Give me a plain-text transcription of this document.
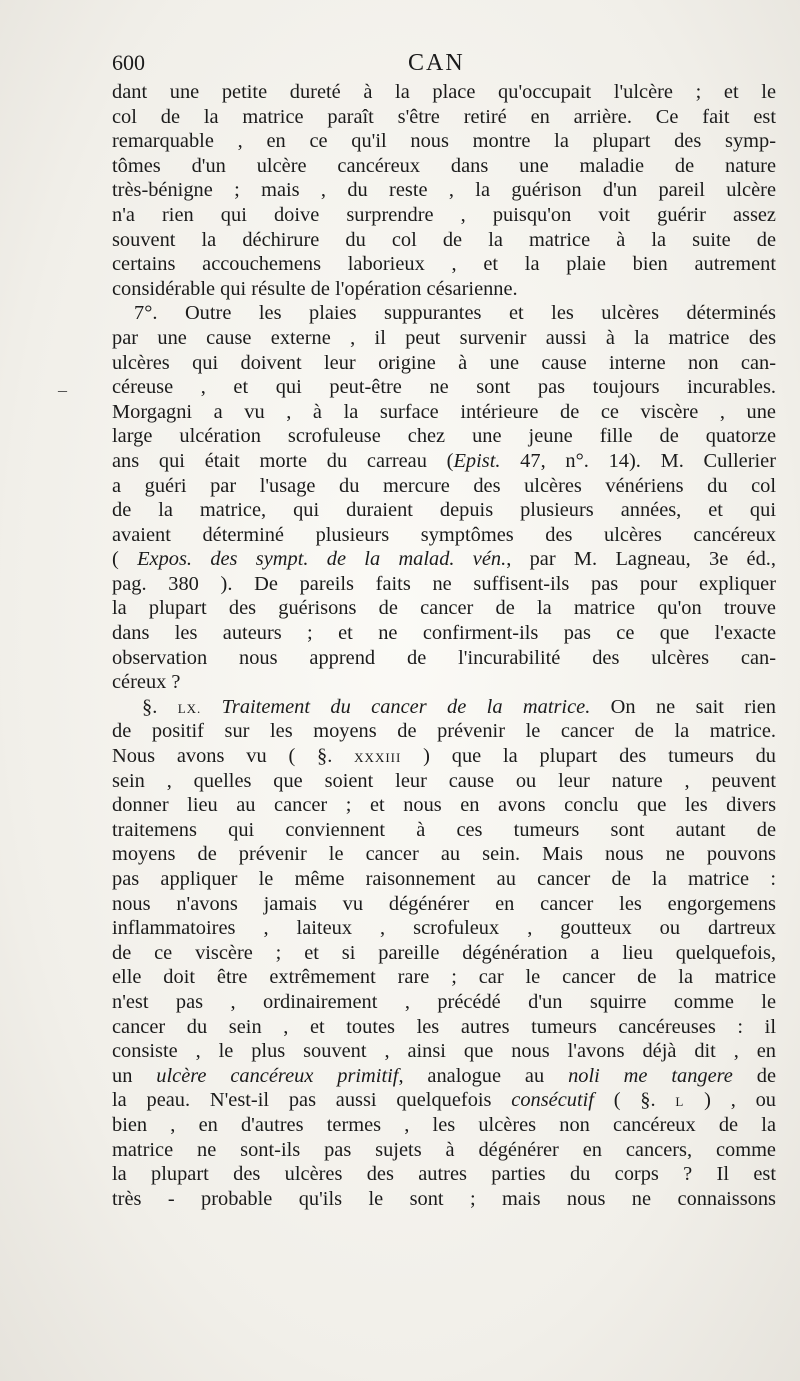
600	CAN
–
dant une petite dureté à la place qu'occupait l'ulcère ; et le
col de la matrice paraît s'être retiré en arrière. Ce fait est
remarquable , en ce qu'il nous montre la plupart des symp-
tômes d'un ulcère cancéreux dans une maladie de nature
très-bénigne ; mais , du reste , la guérison d'un pareil ulcère
n'a rien qui doive surprendre , puisqu'on voit guérir assez
souvent la déchirure du col de la matrice à la suite de
certains accouchemens laborieux , et la plaie bien autrement
considérable qui résulte de l'opération césarienne.
7°. Outre les plaies suppurantes et les ulcères déterminés
par une cause externe , il peut survenir aussi à la matrice des
ulcères qui doivent leur origine à une cause interne non can-
céreuse , et qui peut-être ne sont pas toujours incurables.
Morgagni a vu , à la surface intérieure de ce viscère , une
large ulcération scrofuleuse chez une jeune fille de quatorze
ans qui était morte du carreau (Epist. 47, n°. 14). M. Cullerier
a guéri par l'usage du mercure des ulcères vénériens du col
de la matrice, qui duraient depuis plusieurs années, et qui
avaient déterminé plusieurs symptômes des ulcères cancéreux
( Expos. des sympt. de la malad. vén., par M. Lagneau, 3e éd.,
pag. 380 ). De pareils faits ne suffisent-ils pas pour expliquer
la plupart des guérisons de cancer de la matrice qu'on trouve
dans les auteurs ; et ne confirment-ils pas ce que l'exacte
observation nous apprend de l'incurabilité des ulcères can-
céreux ?
§. LX. Traitement du cancer de la matrice. On ne sait rien
de positif sur les moyens de prévenir le cancer de la matrice.
Nous avons vu ( §. XXXIII ) que la plupart des tumeurs du
sein , quelles que soient leur cause ou leur nature , peuvent
donner lieu au cancer ; et nous en avons conclu que les divers
traitemens qui conviennent à ces tumeurs sont autant de
moyens de prévenir le cancer au sein. Mais nous ne pouvons
pas appliquer le même raisonnement au cancer de la matrice :
nous n'avons jamais vu dégénérer en cancer les engorgemens
inflammatoires , laiteux , scrofuleux , goutteux ou dartreux
de ce viscère ; et si pareille dégénération a lieu quelquefois,
elle doit être extrêmement rare ; car le cancer de la matrice
n'est pas , ordinairement , précédé d'un squirre comme le
cancer du sein , et toutes les autres tumeurs cancéreuses : il
consiste , le plus souvent , ainsi que nous l'avons déjà dit , en
un ulcère cancéreux primitif, analogue au noli me tangere de
la peau. N'est-il pas aussi quelquefois consécutif ( §. L ) , ou
bien , en d'autres termes , les ulcères non cancéreux de la
matrice ne sont-ils pas sujets à dégénérer en cancers, comme
la plupart des ulcères des autres parties du corps ? Il est
très - probable qu'ils le sont ; mais nous ne connaissons
